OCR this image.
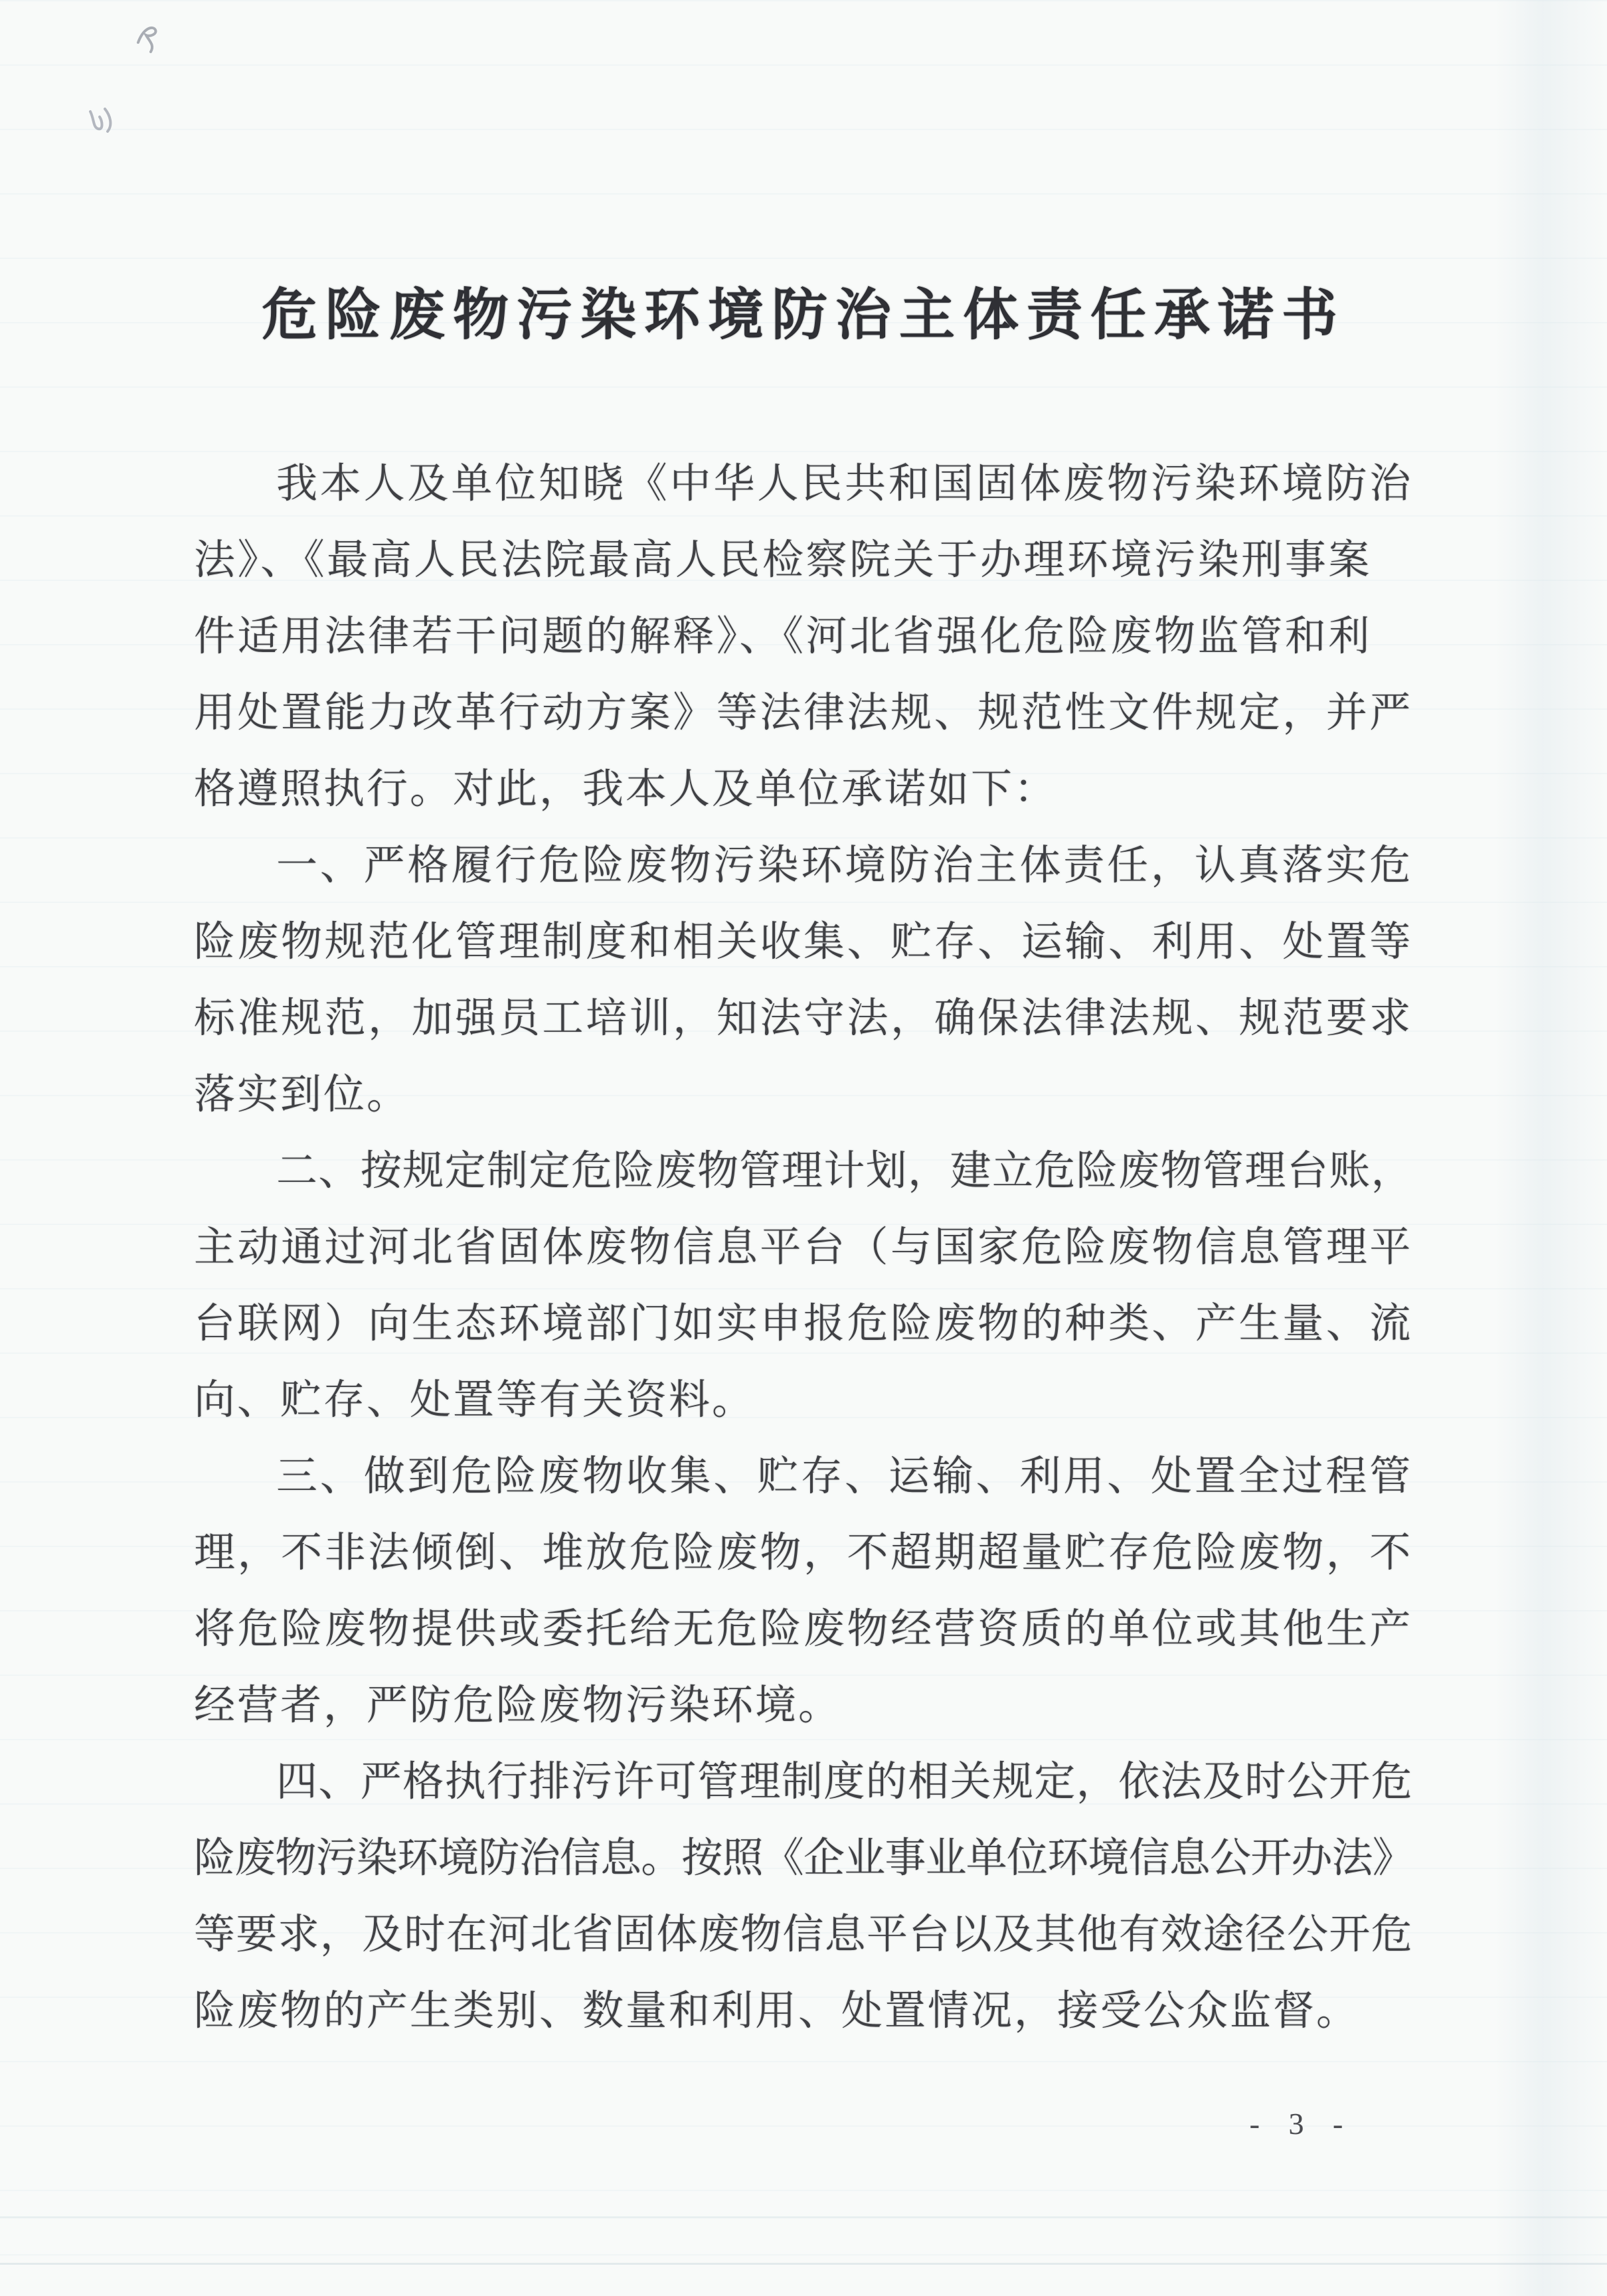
危险废物污染环境防治主体责任承诺书
我本人及单位知晓《中华人民共和国固体废物污染环境防治
法》、《最高人民法院最高人民检察院关于办理环境污染刑事案
件适用法律若干问题的解释》、《河北省强化危险废物监管和利
用处置能力改革行动方案》等法律法规、规范性文件规定，并严
格遵照执行。对此，我本人及单位承诺如下：
一、严格履行危险废物污染环境防治主体责任，认真落实危
险废物规范化管理制度和相关收集、贮存、运输、利用、处置等
标准规范，加强员工培训，知法守法，确保法律法规、规范要求
落实到位。
二、按规定制定危险废物管理计划，建立危险废物管理台账，
主动通过河北省固体废物信息平台（与国家危险废物信息管理平
台联网）向生态环境部门如实申报危险废物的种类、产生量、流
向、贮存、处置等有关资料。
三、做到危险废物收集、贮存、运输、利用、处置全过程管
理，不非法倾倒、堆放危险废物，不超期超量贮存危险废物，不
将危险废物提供或委托给无危险废物经营资质的单位或其他生产
经营者，严防危险废物污染环境。
四、严格执行排污许可管理制度的相关规定，依法及时公开危
险废物污染环境防治信息。按照《企业事业单位环境信息公开办法》
等要求，及时在河北省固体废物信息平台以及其他有效途径公开危
险废物的产生类别、数量和利用、处置情况，接受公众监督。
- 3 -
